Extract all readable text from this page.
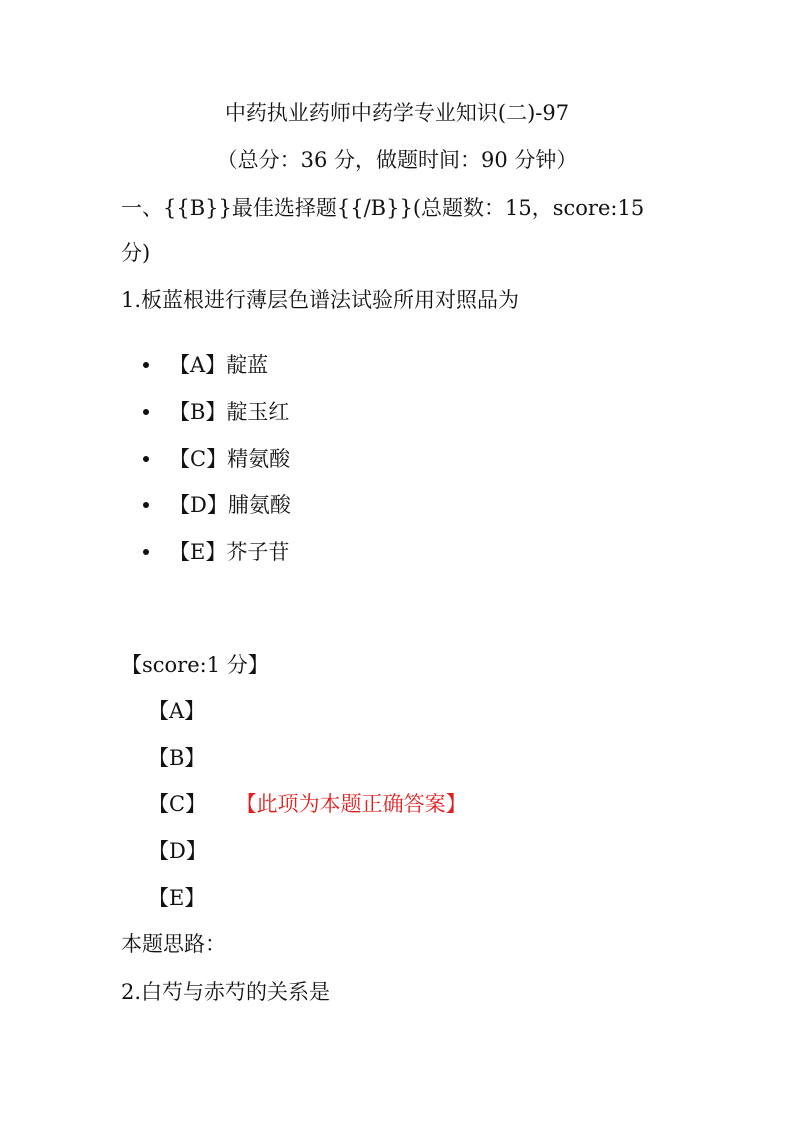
中药执业药师中药学专业知识(二)-97
（总分：36 分，做题时间：90 分钟）
一、{{B}}最佳选择题{{/B}}(总题数：15，score:15
分)
1.板蓝根进行薄层色谱法试验所用对照品为
【A】靛蓝
【B】靛玉红
【C】精氨酸
【D】脯氨酸
【E】芥子苷
【score:1 分】
【A】
【B】
【C】 【此项为本题正确答案】
【D】
【E】
本题思路：
2.白芍与赤芍的关系是
